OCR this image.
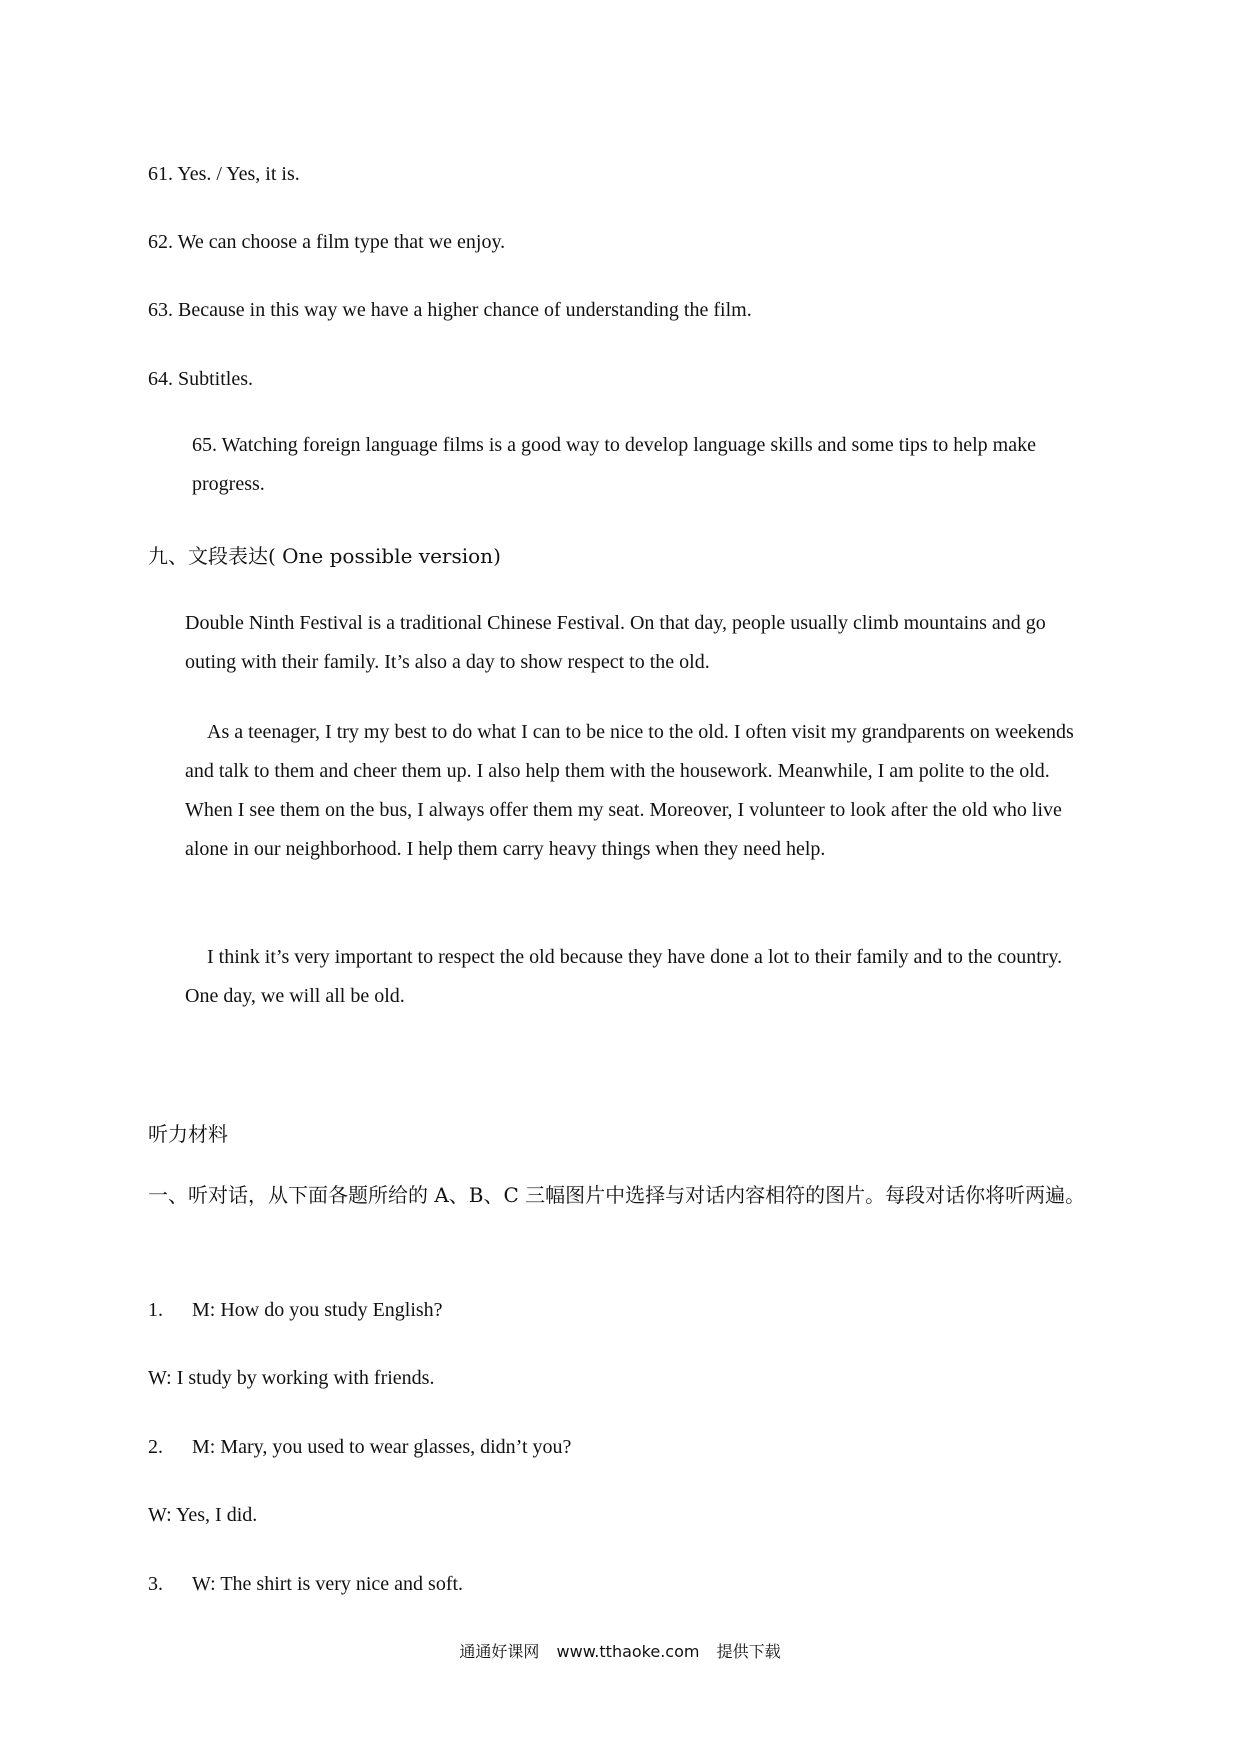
61. Yes. / Yes, it is.
62. We can choose a film type that we enjoy.
63. Because in this way we have a higher chance of understanding the film.
64. Subtitles.

65. Watching foreign language films is a good way to develop language skills and some tips to help make progress.

九、文段表达( One possible version)

Double Ninth Festival is a traditional Chinese Festival. On that day, people usually climb mountains and go outing with their family. It’s also a day to show respect to the old.

As a teenager, I try my best to do what I can to be nice to the old. I often visit my grandparents on weekends and talk to them and cheer them up. I also help them with the housework. Meanwhile, I am polite to the old. When I see them on the bus, I always offer them my seat. Moreover, I volunteer to look after the old who live alone in our neighborhood. I help them carry heavy things when they need help.

I think it’s very important to respect the old because they have done a lot to their family and to the country. One day, we will all be old.

听力材料

一、听对话，从下面各题所给的 A、B、C 三幅图片中选择与对话内容相符的图片。每段对话你将听两遍。

1. M: How do you study English?
W: I study by working with friends.
2. M: Mary, you used to wear glasses, didn’t you?
W: Yes, I did.
3. W: The shirt is very nice and soft.
通通好课网 www.tthaoke.com 提供下载
